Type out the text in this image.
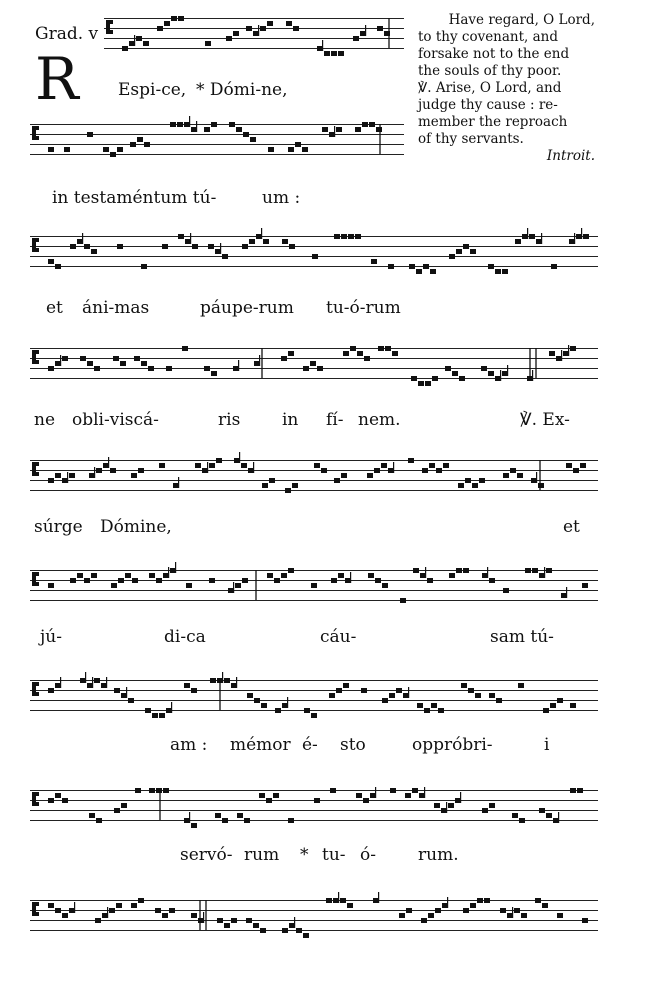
Grad. v
R Espi-ce, * Dómi-ne,
Have regard, O Lord,
to thy covenant, and
forsake not to the end
the souls of thy poor.
℣. Arise, O Lord, and
judge thy cause : re-
member the reproach
of thy servants.
Introit.
in testaméntum tú-	um :
et áni-mas	páupe-rum tu-ó-rum
ne obli-viscá-	ris in fí- nem.	℣. Ex-
súrge Dómine,	et
jú-	di-ca	cáu-	sam tú-
am : mémor é- sto	oppróbri-	i
servó- rum * tu- ó- rum.
